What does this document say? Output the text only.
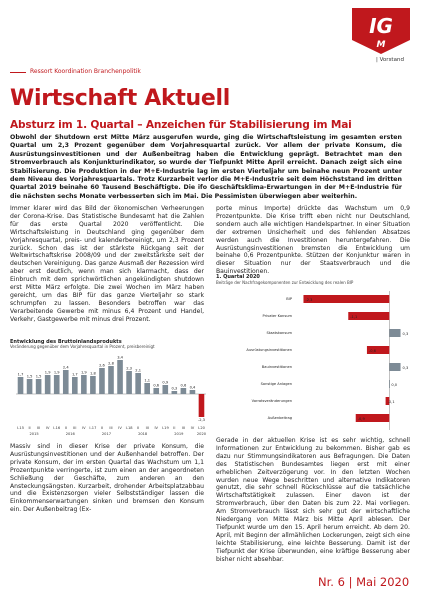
IG
M
| Vorstand
Ressort Koordination Branchenpolitik
Wirtschaft Aktuell
Absturz im 1. Quartal – Anzeichen für Stabilisierung im Mai

Obwohl der Shutdown erst Mitte März ausgerufen wurde, ging die Wirtschaftsleistung im gesamten ersten Quartal um 2,3 Prozent gegenüber dem Vorjahresquartal zurück. Vor allem der private Konsum, die Ausrüstungsinvestitionen und der Außenbeitrag haben die Entwicklung geprägt. Betrachtet man den Stromverbrauch als Konjunkturindikator, so wurde der Tiefpunkt Mitte April erreicht. Danach zeigt sich eine Stabilisierung. Die Produktion in der M+E-Industrie lag im ersten Vierteljahr um beinahe neun Prozent unter dem Niveau des Vorjahresquartals. Trotz Kurzarbeit verlor die M+E-Industrie seit dem Höchststand im dritten Quartal 2019 beinahe 60 Tausend Beschäftigte. Die ifo Geschäftsklima-Erwartungen in der M+E-Industrie für die nächsten sechs Monate verbesserten sich im Mai. Die Pessimisten überwiegen aber weiterhin.

Immer klarer wird das Bild der ökonomischen Verheerungen der Corona-Krise. Das Statistische Bundesamt hat die Zahlen für das erste Quartal 2020 veröffentlicht. Die Wirtschaftsleistung in Deutschland ging gegenüber dem Vorjahresquartal, preis- und kalenderbereinigt, um 2,3 Prozent zurück. Schon das ist der stärkste Rückgang seit der Weltwirtschaftskrise 2008/09 und der zweitstärkste seit der deutschen Vereinigung. Das ganze Ausmaß der Rezession wird aber erst deutlich, wenn man sich klarmacht, dass der Einbruch mit dem sprichwörtlichen angekündigten shutdown erst Mitte März erfolgte. Die zwei Wochen im März haben gereicht, um das BIP für das ganze Vierteljahr so stark schrumpfen zu lassen. Besonders betroffen war das Verarbeitende Gewerbe mit minus 6,4 Prozent und Handel, Verkehr, Gastgewerbe mit minus drei Prozent.

Massiv sind in dieser Krise der private Konsum, die Ausrüstungsinvestitionen und der Außenhandel betroffen. Der private Konsum, der im ersten Quartal das Wachstum um 1,1 Prozentpunkte verringerte, ist zum einen an der angeordneten Schließung der Geschäfte, zum anderen an den Ansteckungsängsten. Kurzarbeit, drohender Arbeitsplatzabbau und die Existenzsorgen vieler Selbstständiger lassen die Einkommenserwartungen sinken und bremsen den Konsum ein. Der Außenbeitrag (Ex-

porte minus Importe) drückte das Wachstum um 0,9 Prozentpunkte. Die Krise trifft eben nicht nur Deutschland, sondern auch alle wichtigen Handelspartner. In einer Situation der extremen Unsicherheit und des fehlenden Absatzes werden auch die Investitionen heruntergefahren. Die Ausrüstungsinvestitionen bremsten die Entwicklung um beinahe 0,6 Prozentpunkte. Stützen der Konjunktur waren in dieser Situation nur der Staatsverbrauch und die Bauinvestitionen.

Gerade in der aktuellen Krise ist es sehr wichtig, schnell Informationen zur Entwicklung zu bekommen. Bisher gab es dazu nur Stimmungsindikatoren aus Befragungen. Die Daten des Statistischen Bundesamtes liegen erst mit einer erheblichen Zeitverzögerung vor. In den letzten Wochen wurden neue Wege beschritten und alternative Indikatoren genutzt, die sehr schnell Rückschlüsse auf die tatsächliche Wirtschaftstätigkeit zulassen. Einer davon ist der Stromverbrauch, über den Daten bis zum 22. Mai vorliegen. Am Stromverbrauch lässt sich sehr gut der wirtschaftliche Niedergang von Mitte März bis Mitte April ablesen. Der Tiefpunkt wurde um den 15. April herum erreicht. Ab dem 20. April, mit Beginn der allmählichen Lockerungen, zeigt sich eine leichte Stabilisierung, eine leichte Besserung. Damit ist der Tiefpunkt der Krise überwunden, eine kräftige Besserung aber bisher nicht absehbar.

Entwicklung des Bruttoinlandsprodukts
Veränderung gegenüber dem Vorjahresquartal in Prozent, preisbereinigt
1,7
I-15
1,5
II
1,5
III
1,9
IV
1,9
I-16
2,4
II
1,7
III
1,9
IV
1,8
I-17
2,6
II
2,8
III
3,4
IV
2,3
I-18
2,1
II
1,1
III
0,6
IV
0,9
I-19
0,3
II
0,6
III
0,4
IV
-2,3
I-20
2015	2016	2017	2018	2019	2020
1. Quartal 2020
Beiträge der Nachfragekomponenten zur Entwicklung des realen BIP
BIP	-2,3
Privater Konsum	-1,1
Staatskonsum	0,3
Ausrüstungsinvestitionen	-0,6
Bauinvestitionen	0,3
Sonstige Anlagen	0,0
Vorratsveränderungen	-0,1
Außenbeitrag	-0,9
Nr. 6 | Mai 2020
